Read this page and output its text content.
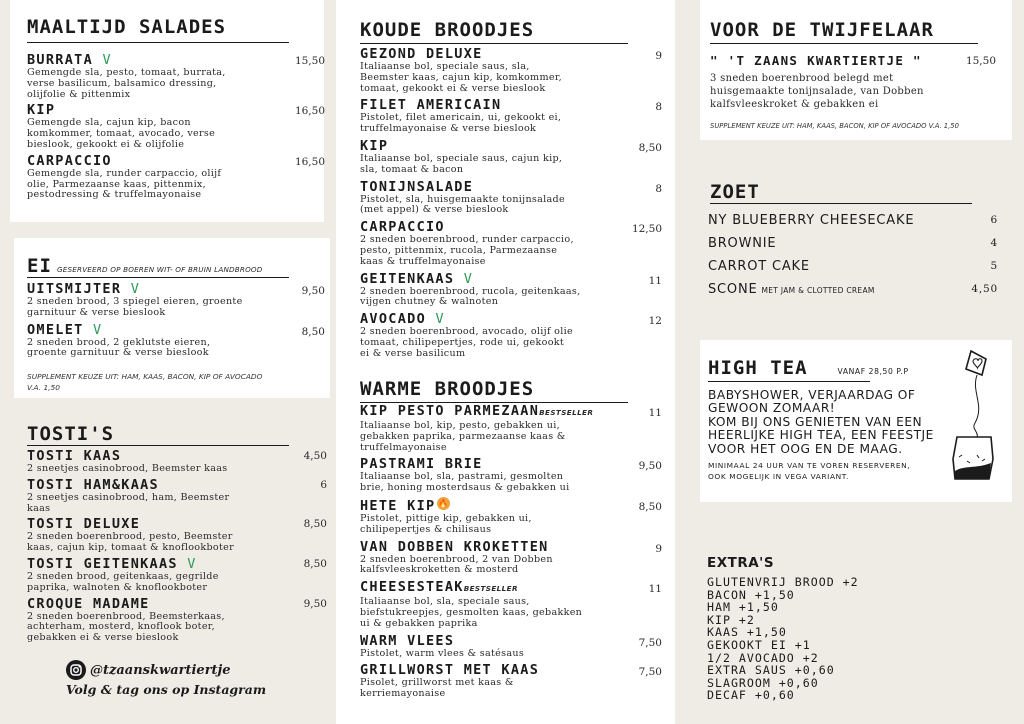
MAALTIJD SALADES
BURRATA V	15,50
Gemengde sla, pesto, tomaat, burrata,
verse basilicum, balsamico dressing,
olijfolie & pittenmix
KIP	16,50
Gemengde sla, cajun kip, bacon
komkommer, tomaat, avocado, verse
bieslook, gekookt ei & olijfolie
CARPACCIO	16,50
Gemengde sla, runder carpaccio, olijf
olie, Parmezaanse kaas, pittenmix,
pestodressing & truffelmayonaise
EI GESERVEERD OP BOEREN WIT- OF BRUIN LANDBROOD
UITSMIJTER V	9,50
2 sneden brood, 3 spiegel eieren, groente
garnituur & verse bieslook
OMELET V	8,50
2 sneden brood, 2 geklutste eieren,
groente garnituur & verse bieslook
SUPPLEMENT KEUZE UIT: HAM, KAAS, BACON, KIP OF AVOCADO
V.A. 1,50
TOSTI'S
TOSTI KAAS	4,50
2 sneetjes casinobrood, Beemster kaas
TOSTI HAM&KAAS	6
2 sneetjes casinobrood, ham, Beemster
kaas
TOSTI DELUXE	8,50
2 sneden boerenbrood, pesto, Beemster
kaas, cajun kip, tomaat & knoflookboter
TOSTI GEITENKAAS V	8,50
2 sneden brood, geitenkaas, gegrilde
paprika, walnoten & knoflookboter
CROQUE MADAME	9,50
2 sneden boerenbrood, Beemsterkaas,
achterham, mosterd, knoflook boter,
gebakken ei & verse bieslook
@tzaanskwartiertje
Volg & tag ons op Instagram
KOUDE BROODJES
GEZOND DELUXE	9
Italiaanse bol, speciale saus, sla,
Beemster kaas, cajun kip, komkommer,
tomaat, gekookt ei & verse bieslook
FILET AMERICAIN	8
Pistolet, filet americain, ui, gekookt ei,
truffelmayonaise & verse bieslook
KIP	8,50
Italiaanse bol, speciale saus, cajun kip,
sla, tomaat & bacon
TONIJNSALADE	8
Pistolet, sla, huisgemaakte tonijnsalade
(met appel) & verse bieslook
CARPACCIO	12,50
2 sneden boerenbrood, runder carpaccio,
pesto, pittenmix, rucola, Parmezaanse
kaas & truffelmayonaise
GEITENKAAS V	11
2 sneden boerenbrood, rucola, geitenkaas,
vijgen chutney & walnoten
AVOCADO V	12
2 sneden boerenbrood, avocado, olijf olie
tomaat, chilipepertjes, rode ui, gekookt
ei & verse basilicum
WARME BROODJES
KIP PESTO PARMEZAANBESTSELLER	11
Italiaanse bol, kip, pesto, gebakken ui,
gebakken paprika, parmezaanse kaas &
truffelmayonaise
PASTRAMI BRIE	9,50
Italiaanse bol, sla, pastrami, gesmolten
brie, honing mosterdsaus & gebakken ui
HETE KIP 🔥	8,50
Pistolet, pittige kip, gebakken ui,
chilipepertjes & chilisaus
VAN DOBBEN KROKETTEN	9
2 sneden boerenbrood, 2 van Dobben
kalfsvleeskroketten & mosterd
CHEESESTEAKBESTSELLER	11
Italiaanse bol, sla, speciale saus,
biefstukreepjes, gesmolten kaas, gebakken
ui & gebakken paprika
WARM VLEES	7,50
Pistolet, warm vlees & satésaus
GRILLWORST MET KAAS	7,50
Pisolet, grillworst met kaas &
kerriemayonaise
VOOR DE TWIJFELAAR
" 'T ZAANS KWARTIERTJE "	15,50
3 sneden boerenbrood belegd met
huisgemaakte tonijnsalade, van Dobben
kalfsvleeskroket & gebakken ei
SUPPLEMENT KEUZE UIT: HAM, KAAS, BACON, KIP OF AVOCADO V.A. 1,50
ZOET
NY BLUEBERRY CHEESECAKE	6
BROWNIE	4
CARROT CAKE	5
SCONE MET JAM & CLOTTED CREAM	4,50
HIGH TEA	VANAF 28,50 P.P
BABYSHOWER, VERJAARDAG OF
GEWOON ZOMAAR!
KOM BIJ ONS GENIETEN VAN EEN
HEERLIJKE HIGH TEA, EEN FEESTJE
VOOR HET OOG EN DE MAAG.
MINIMAAL 24 UUR VAN TE VOREN RESERVEREN,
OOK MOGELIJK IN VEGA VARIANT.
EXTRA'S
GLUTENVRIJ BROOD +2
BACON +1,50
HAM +1,50
KIP +2
KAAS +1,50
GEKOOKT EI +1
1/2 AVOCADO +2
EXTRA SAUS +0,60
SLAGROOM +0,60
DECAF +0,60
